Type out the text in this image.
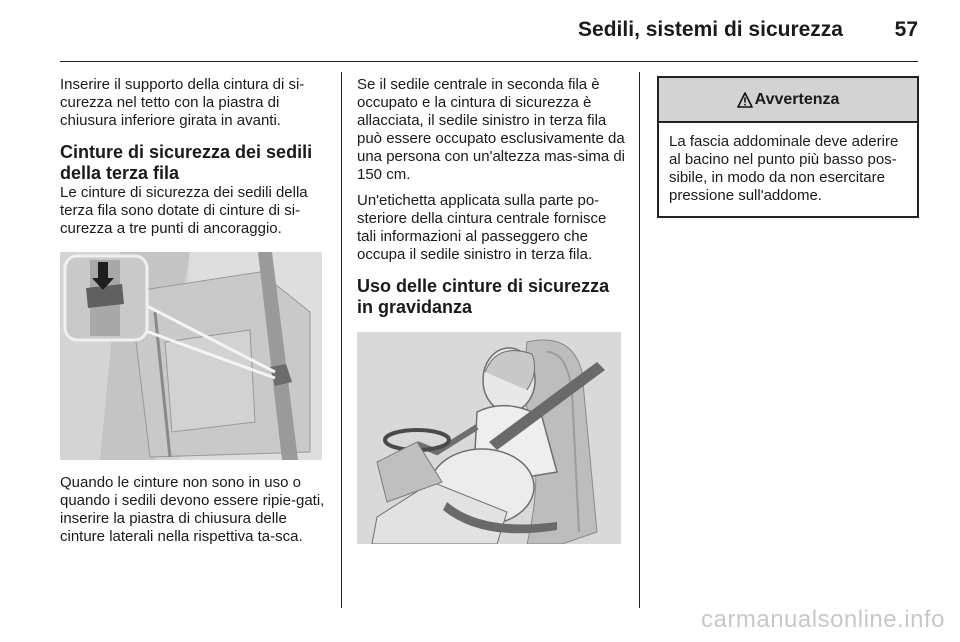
Sedili, sistemi di sicurezza 57

Inserire il supporto della cintura di si-curezza nel tetto con la piastra di chiusura inferiore girata in avanti.

Cinture di sicurezza dei sedili della terza fila

Le cinture di sicurezza dei sedili della terza fila sono dotate di cinture di si-curezza a tre punti di ancoraggio.

Quando le cinture non sono in uso o quando i sedili devono essere ripie-gati, inserire la piastra di chiusura delle cinture laterali nella rispettiva ta-sca.

Se il sedile centrale in seconda fila è occupato e la cintura di sicurezza è allacciata, il sedile sinistro in terza fila può essere occupato esclusivamente da una persona con un'altezza mas-sima di 150 cm.

Un'etichetta applicata sulla parte po-steriore della cintura centrale fornisce tali informazioni al passeggero che occupa il sedile sinistro in terza fila.

Uso delle cinture di sicurezza in gravidanza

Avvertenza
La fascia addominale deve aderire al bacino nel punto più basso pos-sibile, in modo da non esercitare pressione sull'addome.
carmanualsonline.info
